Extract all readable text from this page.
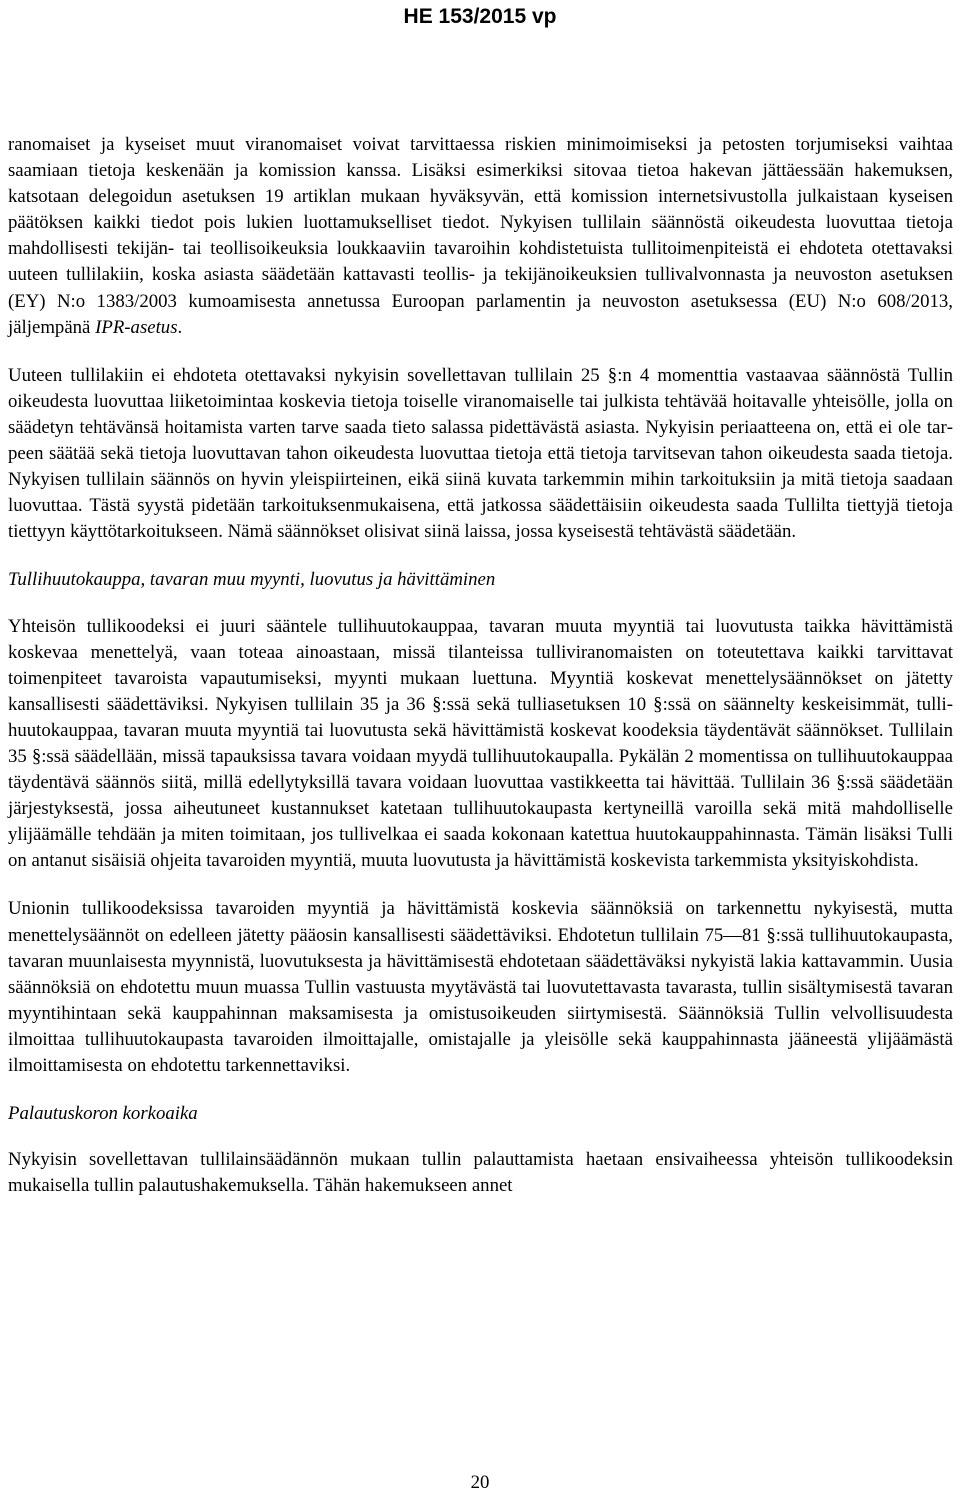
HE 153/2015 vp

ranomaiset ja kyseiset muut viranomaiset voivat tarvittaessa riskien minimoimiseksi ja petosten torjumiseksi vaihtaa saamiaan tietoja keskenään ja komission kanssa. Lisäksi esimerkiksi sitovaa tietoa hakevan jättäessään hakemuksen, katsotaan delegoidun asetuksen 19 artiklan mukaan hyväksyvän, että komission internetsivustolla julkaistaan kyseisen päätöksen kaikki tiedot pois lukien luottamukselliset tiedot. Nykyisen tullilain säännöstä oikeudesta luovuttaa tietoja mahdollisesti tekijän- tai teollisoikeuksia loukkaaviin tavaroihin kohdistetuista tullitoimenpiteistä ei ehdoteta otettavaksi uuteen tullilakiin, koska asiasta säädetään kattavasti teollis- ja tekijänoikeuksien tullivalvonnasta ja neuvoston asetuksen (EY) N:o 1383/2003 kumoamisesta annetussa Euroopan parlamentin ja neuvoston asetuksessa (EU) N:o 608/2013, jäljempänä IPR-asetus.

Uuteen tullilakiin ei ehdoteta otettavaksi nykyisin sovellettavan tullilain 25 §:n 4 momenttia vastaavaa säännöstä Tullin oikeudesta luovuttaa liiketoimintaa koskevia tietoja toiselle viranomaiselle tai julkista tehtävää hoitavalle yhteisölle, jolla on säädetyn tehtävänsä hoitamista varten tarve saada tieto salassa pidettävästä asiasta. Nykyisin periaatteena on, että ei ole tarpeen säätää sekä tietoja luovuttavan tahon oikeudesta luovuttaa tietoja että tietoja tarvitsevan tahon oikeudesta saada tietoja. Nykyisen tullilain säännös on hyvin yleispiirteinen, eikä siinä kuvata tarkemmin mihin tarkoituksiin ja mitä tietoja saadaan luovuttaa. Tästä syystä pidetään tarkoituksenmukaisena, että jatkossa säädettäisiin oikeudesta saada Tullilta tiettyjä tietoja tiettyyn käyttötarkoitukseen. Nämä säännökset olisivat siinä laissa, jossa kyseisestä tehtävästä säädetään.

Tullihuutokauppa, tavaran muu myynti, luovutus ja hävittäminen

Yhteisön tullikoodeksi ei juuri sääntele tullihuutokauppaa, tavaran muuta myyntiä tai luovutusta taikka hävittämistä koskevaa menettelyä, vaan toteaa ainoastaan, missä tilanteissa tulliviranomaisten on toteutettava kaikki tarvittavat toimenpiteet tavaroista vapautumiseksi, myynti mukaan luettuna. Myyntiä koskevat menettelysäännökset on jätetty kansallisesti säädettäviksi. Nykyisen tullilain 35 ja 36 §:ssä sekä tulliasetuksen 10 §:ssä on säännelty keskeisimmät, tullihuutokauppaa, tavaran muuta myyntiä tai luovutusta sekä hävittämistä koskevat koodeksia täydentävät säännökset. Tullilain 35 §:ssä säädellään, missä tapauksissa tavara voidaan myydä tullihuutokaupalla. Pykälän 2 momentissa on tullihuutokauppaa täydentävä säännös siitä, millä edellytyksillä tavara voidaan luovuttaa vastikkeetta tai hävittää. Tullilain 36 §:ssä säädetään järjestyksestä, jossa aiheutuneet kustannukset katetaan tullihuutokaupasta kertyneillä varoilla sekä mitä mahdolliselle ylijäämälle tehdään ja miten toimitaan, jos tullivelkaa ei saada kokonaan katettua huutokauppahinnasta. Tämän lisäksi Tulli on antanut sisäisiä ohjeita tavaroiden myyntiä, muuta luovutusta ja hävittämistä koskevista tarkemmista yksityiskohdista.

Unionin tullikoodeksissa tavaroiden myyntiä ja hävittämistä koskevia säännöksiä on tarkennettu nykyisestä, mutta menettelysäännöt on edelleen jätetty pääosin kansallisesti säädettäviksi. Ehdotetun tullilain 75—81 §:ssä tullihuutokaupasta, tavaran muunlaisesta myynnistä, luovutuksesta ja hävittämisestä ehdotetaan säädettäväksi nykyistä lakia kattavammin. Uusia säännöksiä on ehdotettu muun muassa Tullin vastuusta myytävästä tai luovutettavasta tavarasta, tullin sisältymisestä tavaran myyntihintaan sekä kauppahinnan maksamisesta ja omistusoikeuden siirtymisestä. Säännöksiä Tullin velvollisuudesta ilmoittaa tullihuutokaupasta tavaroiden ilmoittajalle, omistajalle ja yleisölle sekä kauppahinnasta jääneestä ylijäämästä ilmoittamisesta on ehdotettu tarkennettaviksi.

Palautuskoron korkoaika

Nykyisin sovellettavan tullilainsäädännön mukaan tullin palauttamista haetaan ensivaiheessa yhteisön tullikoodeksin mukaisella tullin palautushakemuksella. Tähän hakemukseen annet

20
